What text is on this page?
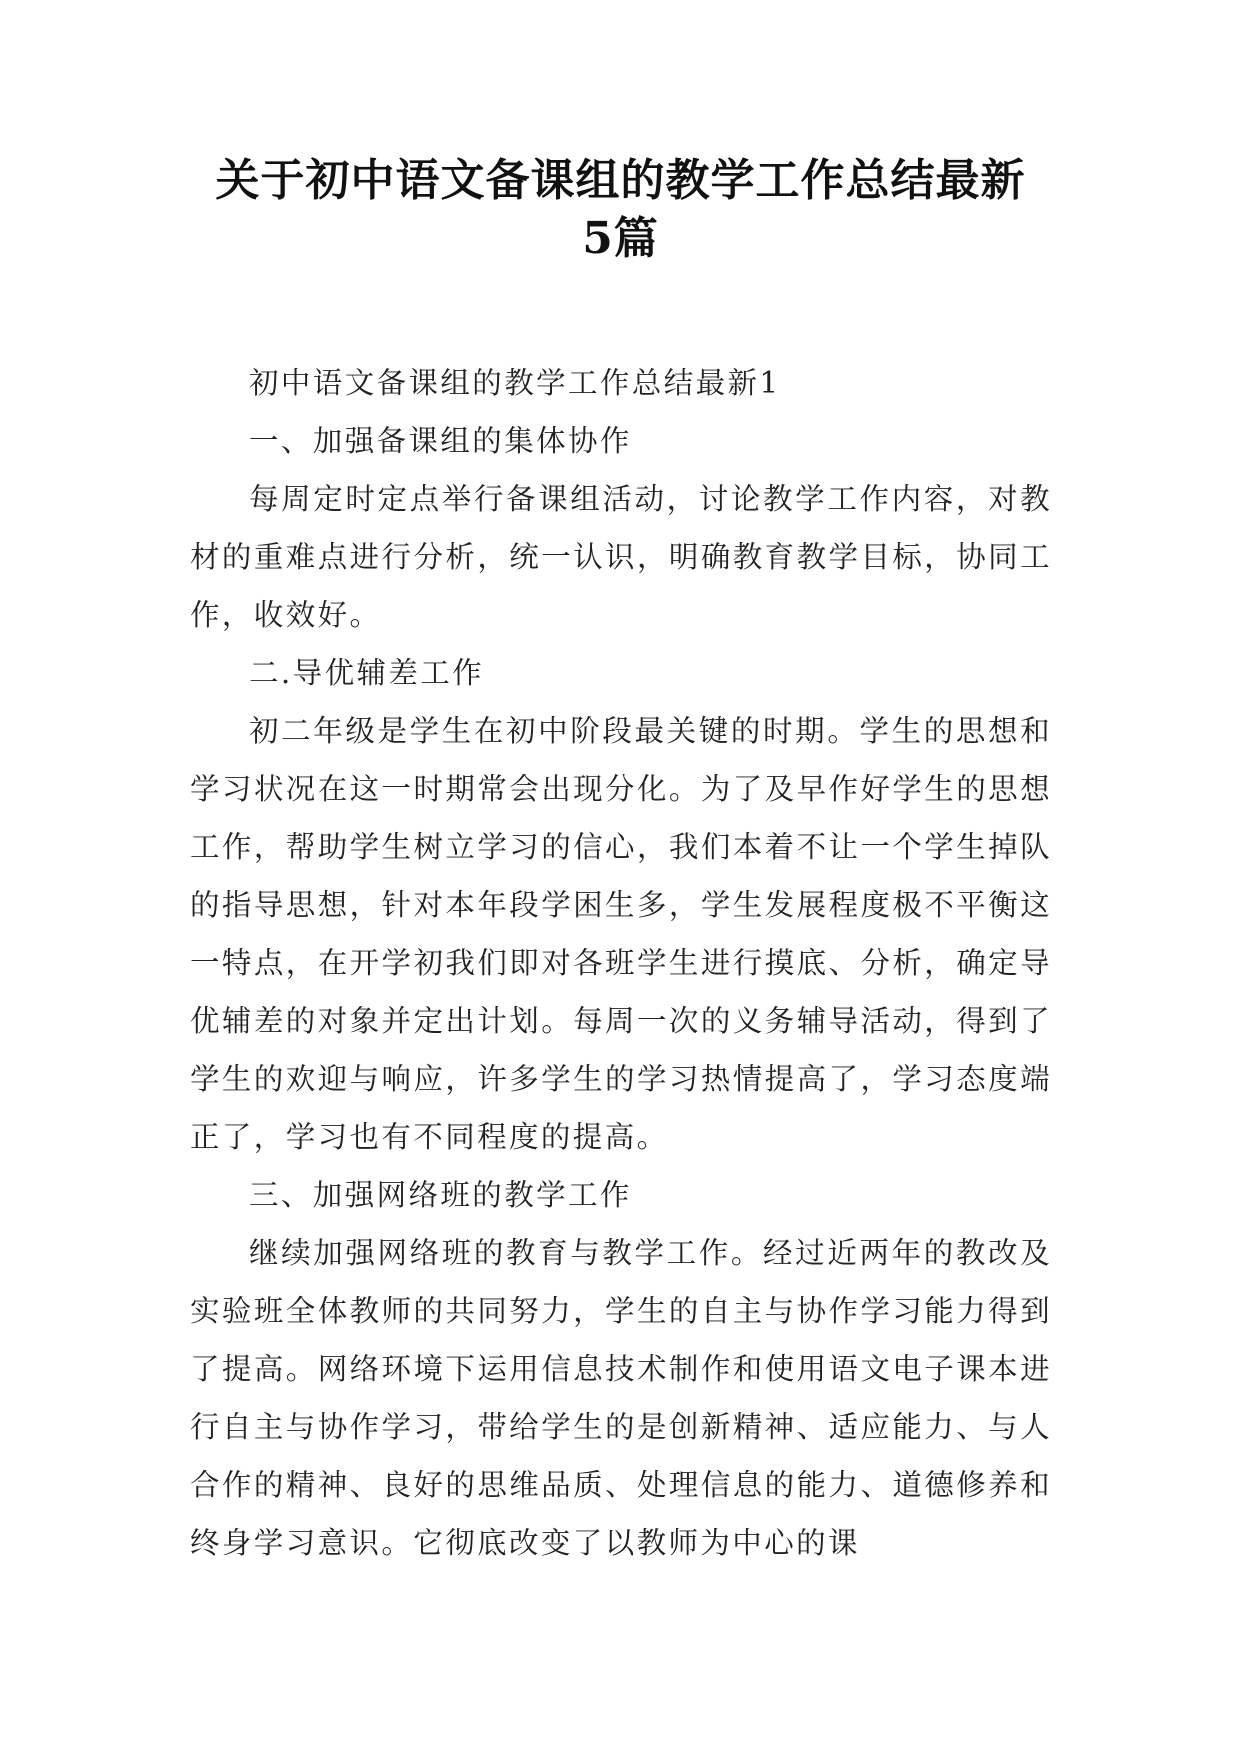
关于初中语文备课组的教学工作总结最新
5篇

初中语文备课组的教学工作总结最新1

一、加强备课组的集体协作

每周定时定点举行备课组活动，讨论教学工作内容，对教材的重难点进行分析，统一认识，明确教育教学目标，协同工作，收效好。

二.导优辅差工作

初二年级是学生在初中阶段最关键的时期。学生的思想和学习状况在这一时期常会出现分化。为了及早作好学生的思想工作，帮助学生树立学习的信心，我们本着不让一个学生掉队的指导思想，针对本年段学困生多，学生发展程度极不平衡这一特点，在开学初我们即对各班学生进行摸底、分析，确定导优辅差的对象并定出计划。每周一次的义务辅导活动，得到了学生的欢迎与响应，许多学生的学习热情提高了，学习态度端正了，学习也有不同程度的提高。

三、加强网络班的教学工作

继续加强网络班的教育与教学工作。经过近两年的教改及实验班全体教师的共同努力，学生的自主与协作学习能力得到了提高。网络环境下运用信息技术制作和使用语文电子课本进行自主与协作学习，带给学生的是创新精神、适应能力、与人合作的精神、良好的思维品质、处理信息的能力、道德修养和终身学习意识。它彻底改变了以教师为中心的课
